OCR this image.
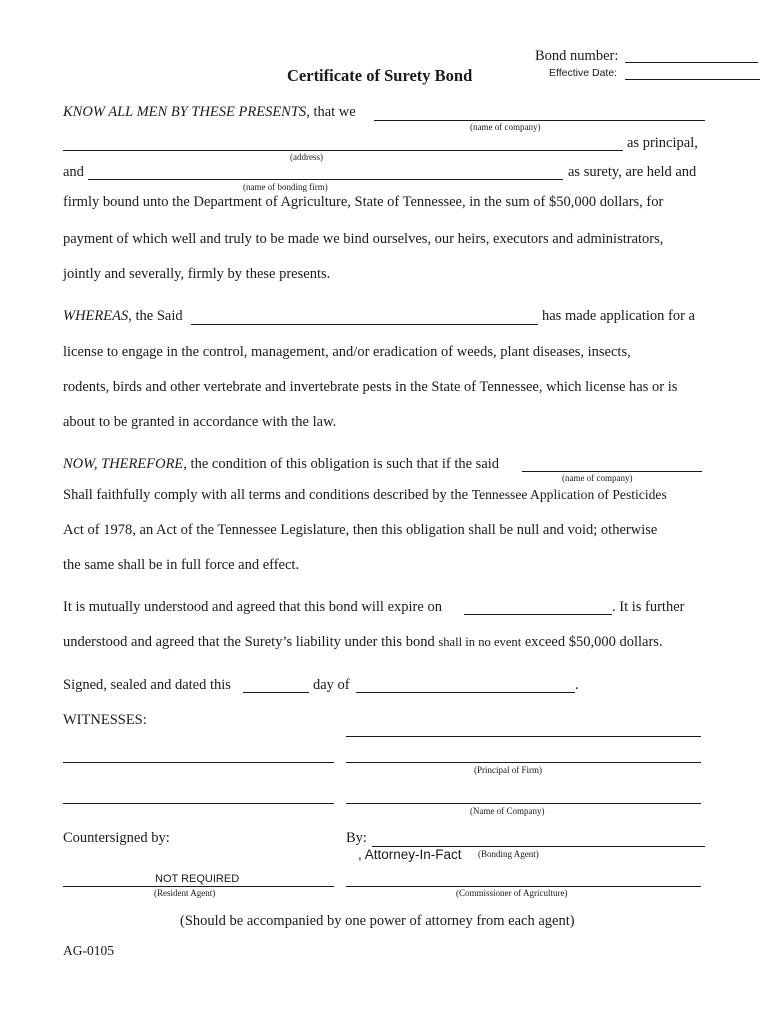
Bond number:
Certificate of Surety Bond	Effective Date:
KNOW ALL MEN BY THESE PRESENTS, that we
(name of company)
as principal,
(address)
and	as surety, are held and
(name of bonding firm)
firmly bound unto the Department of Agriculture, State of Tennessee, in the sum of $50,000 dollars, for
payment of which well and truly to be made we bind ourselves, our heirs, executors and administrators,
jointly and severally, firmly by these presents.
WHEREAS, the Said	has made application for a
license to engage in the control, management, and/or eradication of weeds, plant diseases, insects,
rodents, birds and other vertebrate and invertebrate pests in the State of Tennessee, which license has or is
about to be granted in accordance with the law.
NOW, THEREFORE, the condition of this obligation is such that if the said
(name of company)
Shall faithfully comply with all terms and conditions described by the Tennessee Application of Pesticides
Act of 1978, an Act of the Tennessee Legislature, then this obligation shall be null and void; otherwise
the same shall be in full force and effect.
It is mutually understood and agreed that this bond will expire on	. It is further
understood and agreed that the Surety’s liability under this bond shall in no event exceed $50,000 dollars.
Signed, sealed and dated this	day of	.
WITNESSES:
(Principal of Firm)
(Name of Company)
Countersigned by:	By:
, Attorney-In-Fact (Bonding Agent)
NOT REQUIRED
(Resident Agent)	(Commissioner of Agriculture)
(Should be accompanied by one power of attorney from each agent)
AG-0105
